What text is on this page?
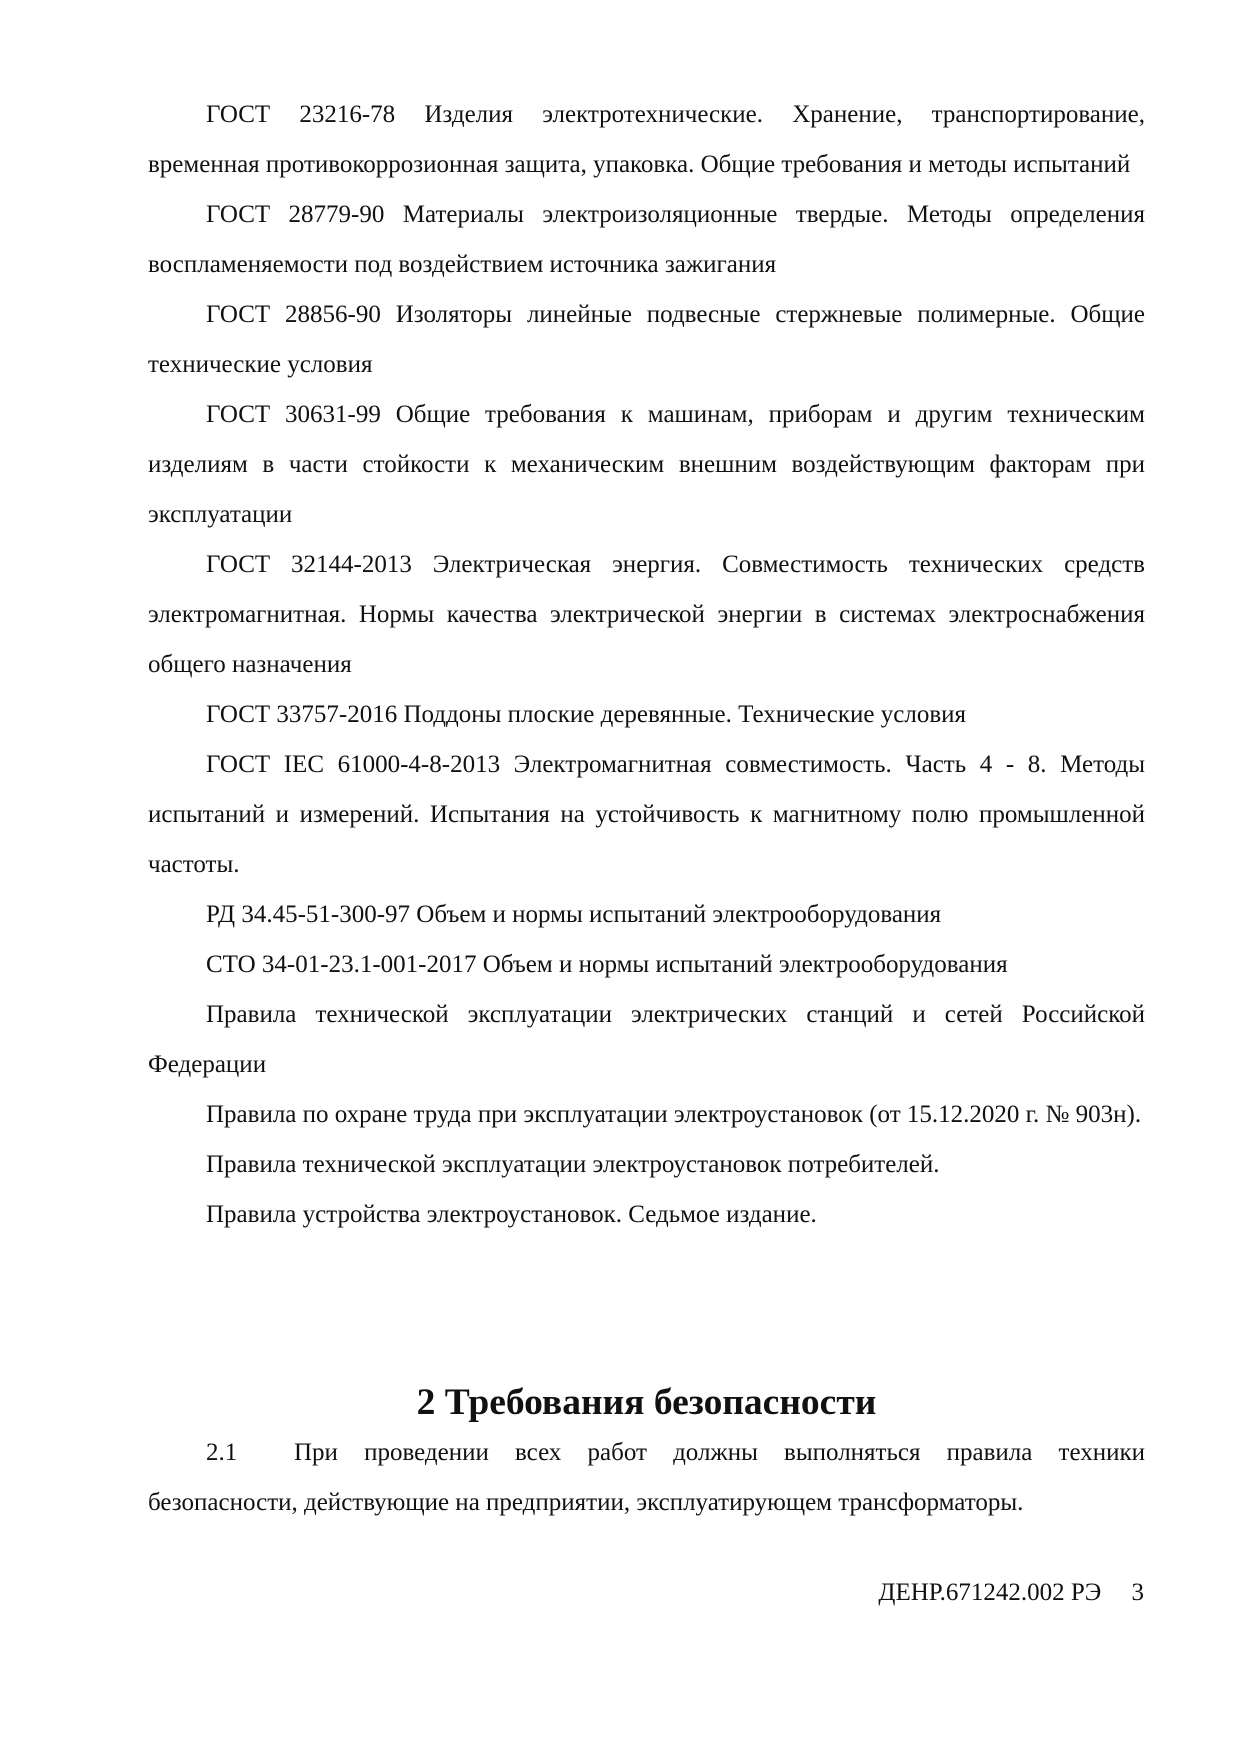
ГОСТ 23216-78 Изделия электротехнические. Хранение, транспортирование, временная противокоррозионная защита, упаковка. Общие требования и методы испытаний

ГОСТ 28779-90 Материалы электроизоляционные твердые. Методы определения воспламеняемости под воздействием источника зажигания

ГОСТ 28856-90 Изоляторы линейные подвесные стержневые полимерные. Общие технические условия

ГОСТ 30631-99 Общие требования к машинам, приборам и другим техническим изделиям в части стойкости к механическим внешним воздействующим факторам при эксплуатации

ГОСТ 32144-2013 Электрическая энергия. Совместимость технических средств электромагнитная. Нормы качества электрической энергии в системах электроснабжения общего назначения

ГОСТ 33757-2016 Поддоны плоские деревянные. Технические условия

ГОСТ IEC 61000-4-8-2013 Электромагнитная совместимость. Часть 4 - 8. Методы испытаний и измерений. Испытания на устойчивость к магнитному полю промышленной частоты.

РД 34.45-51-300-97 Объем и нормы испытаний электрооборудования

СТО 34-01-23.1-001-2017 Объем и нормы испытаний электрооборудования

Правила технической эксплуатации электрических станций и сетей Российской Федерации

Правила по охране труда при эксплуатации электроустановок (от 15.12.2020 г. № 903н).

Правила технической эксплуатации электроустановок потребителей.

Правила устройства электроустановок. Седьмое издание.

2 Требования безопасности

2.1 При проведении всех работ должны выполняться правила техники безопасности, действующие на предприятии, эксплуатирующем трансформаторы.

ДЕНР.671242.002 РЭ 3
